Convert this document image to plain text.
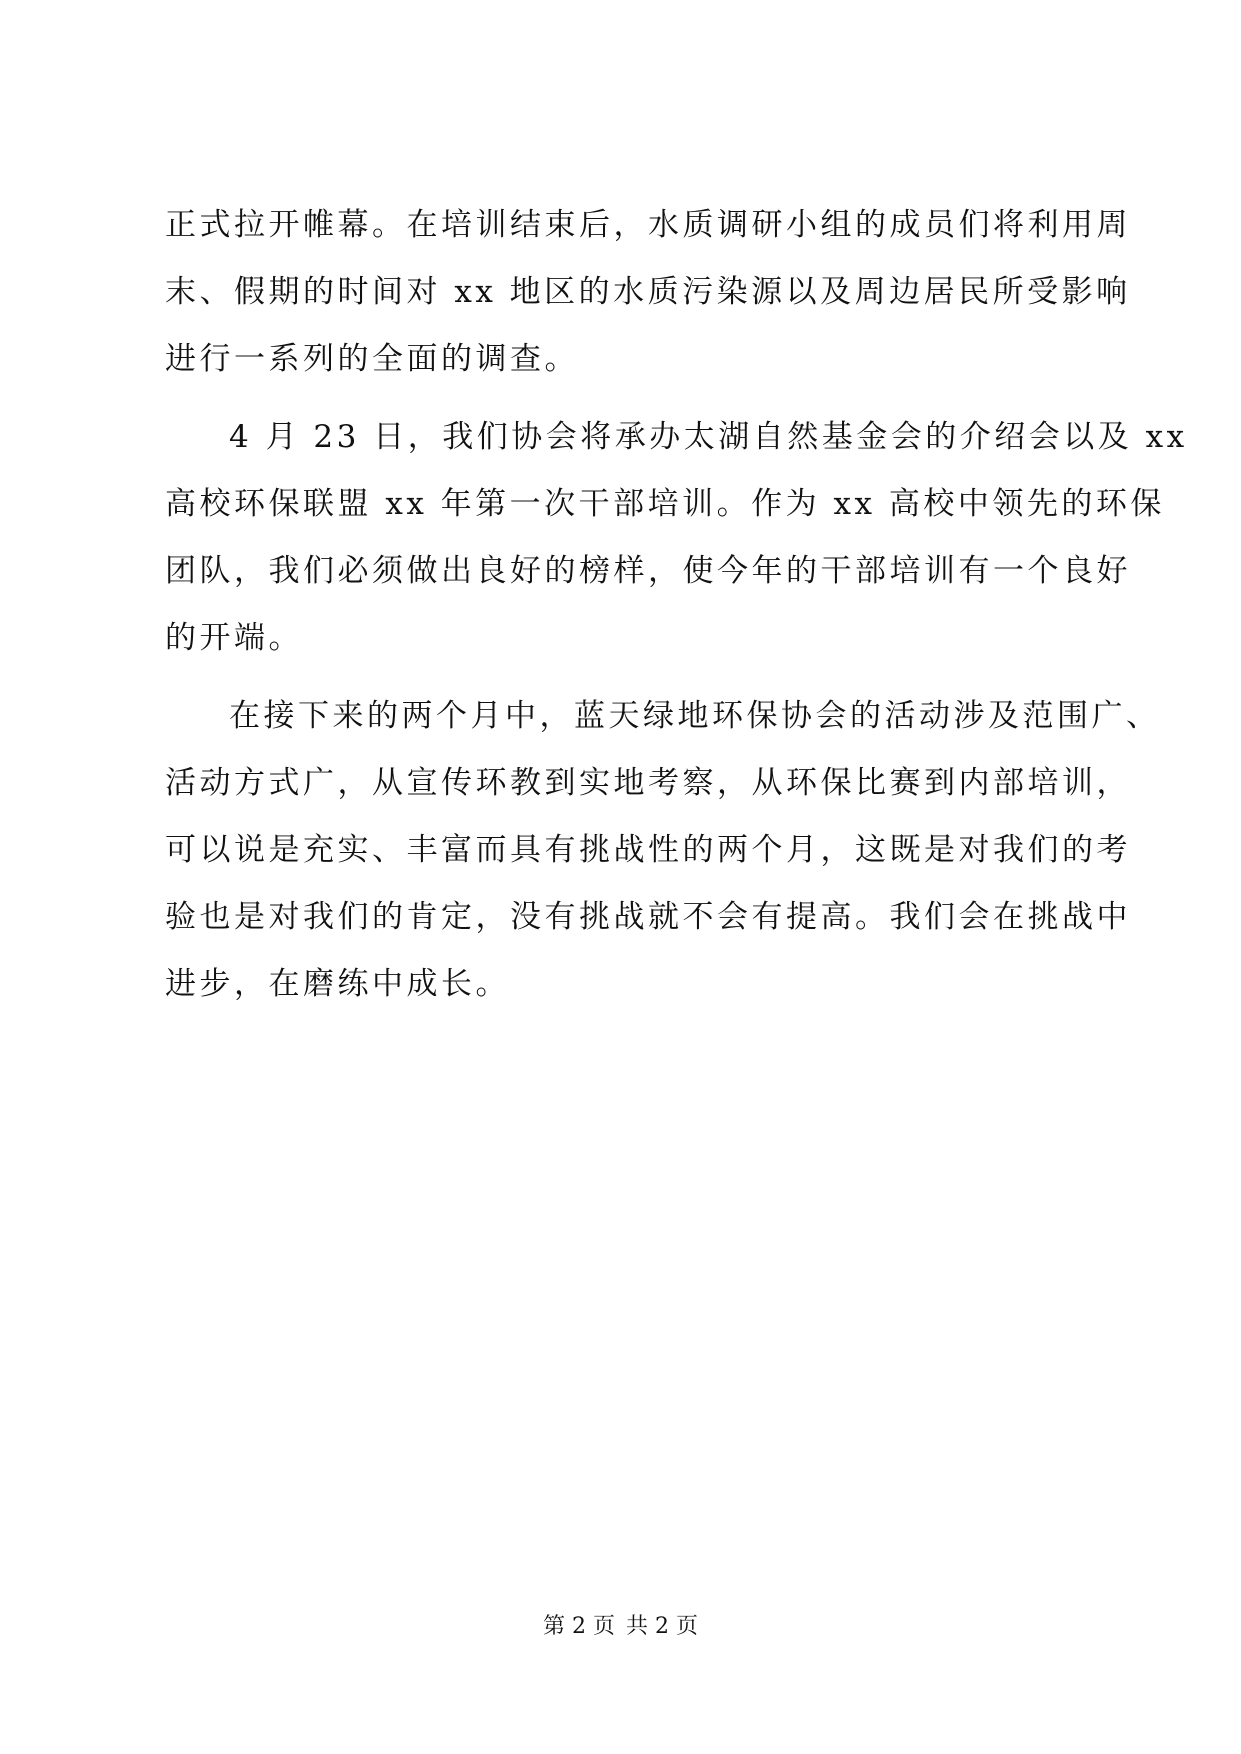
正式拉开帷幕。在培训结束后，水质调研小组的成员们将利用周
末、假期的时间对 xx 地区的水质污染源以及周边居民所受影响
进行一系列的全面的调查。
4 月 23 日，我们协会将承办太湖自然基金会的介绍会以及 xx
高校环保联盟 xx 年第一次干部培训。作为 xx 高校中领先的环保
团队，我们必须做出良好的榜样，使今年的干部培训有一个良好
的开端。
在接下来的两个月中，蓝天绿地环保协会的活动涉及范围广、
活动方式广，从宣传环教到实地考察，从环保比赛到内部培训，
可以说是充实、丰富而具有挑战性的两个月，这既是对我们的考
验也是对我们的肯定，没有挑战就不会有提高。我们会在挑战中
进步，在磨练中成长。
第 2 页 共 2 页
